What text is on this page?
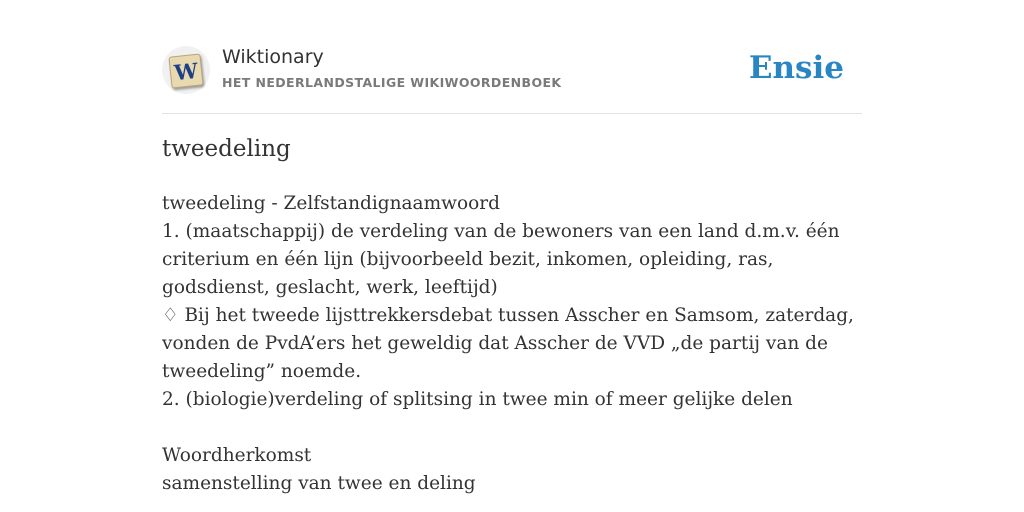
W
Wiktionary
HET NEDERLANDSTALIGE WIKIWOORDENBOEK	Ensie
tweedeling
tweedeling - Zelfstandignaamwoord
1. (maatschappij) de verdeling van de bewoners van een land d.m.v. één criterium en één lijn (bijvoorbeeld bezit, inkomen, opleiding, ras, godsdienst, geslacht, werk, leeftijd)
♢ Bij het tweede lijsttrekkersdebat tussen Asscher en Samsom, zaterdag, vonden de PvdA’ers het geweldig dat Asscher de VVD „de partij van de tweedeling” noemde.
2. (biologie)verdeling of splitsing in twee min of meer gelijke delen
Woordherkomst
samenstelling van twee en deling
